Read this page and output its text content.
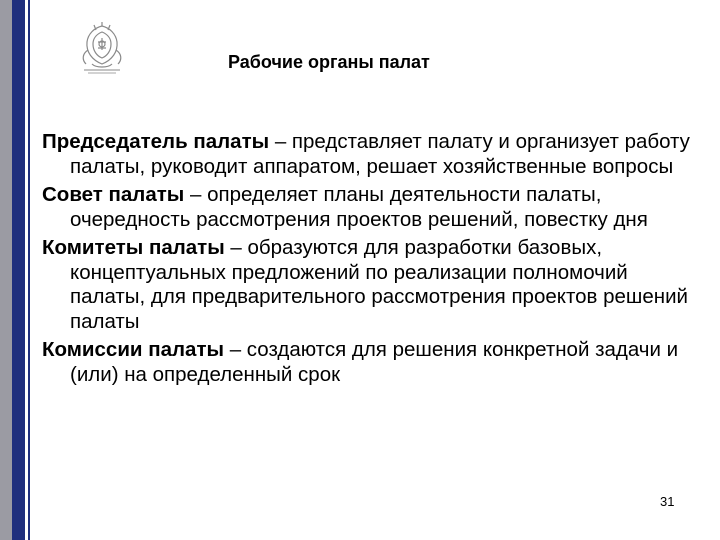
Рабочие органы палат

Председатель палаты – представляет палату и организует работу палаты, руководит аппаратом, решает хозяйственные вопросы

Совет палаты – определяет планы деятельности палаты, очередность рассмотрения проектов решений, повестку дня

Комитеты палаты – образуются для разработки базовых, концептуальных предложений по реализации полномочий палаты, для предварительного рассмотрения проектов решений палаты

Комиссии палаты – создаются для решения конкретной задачи и (или) на определенный срок

31
